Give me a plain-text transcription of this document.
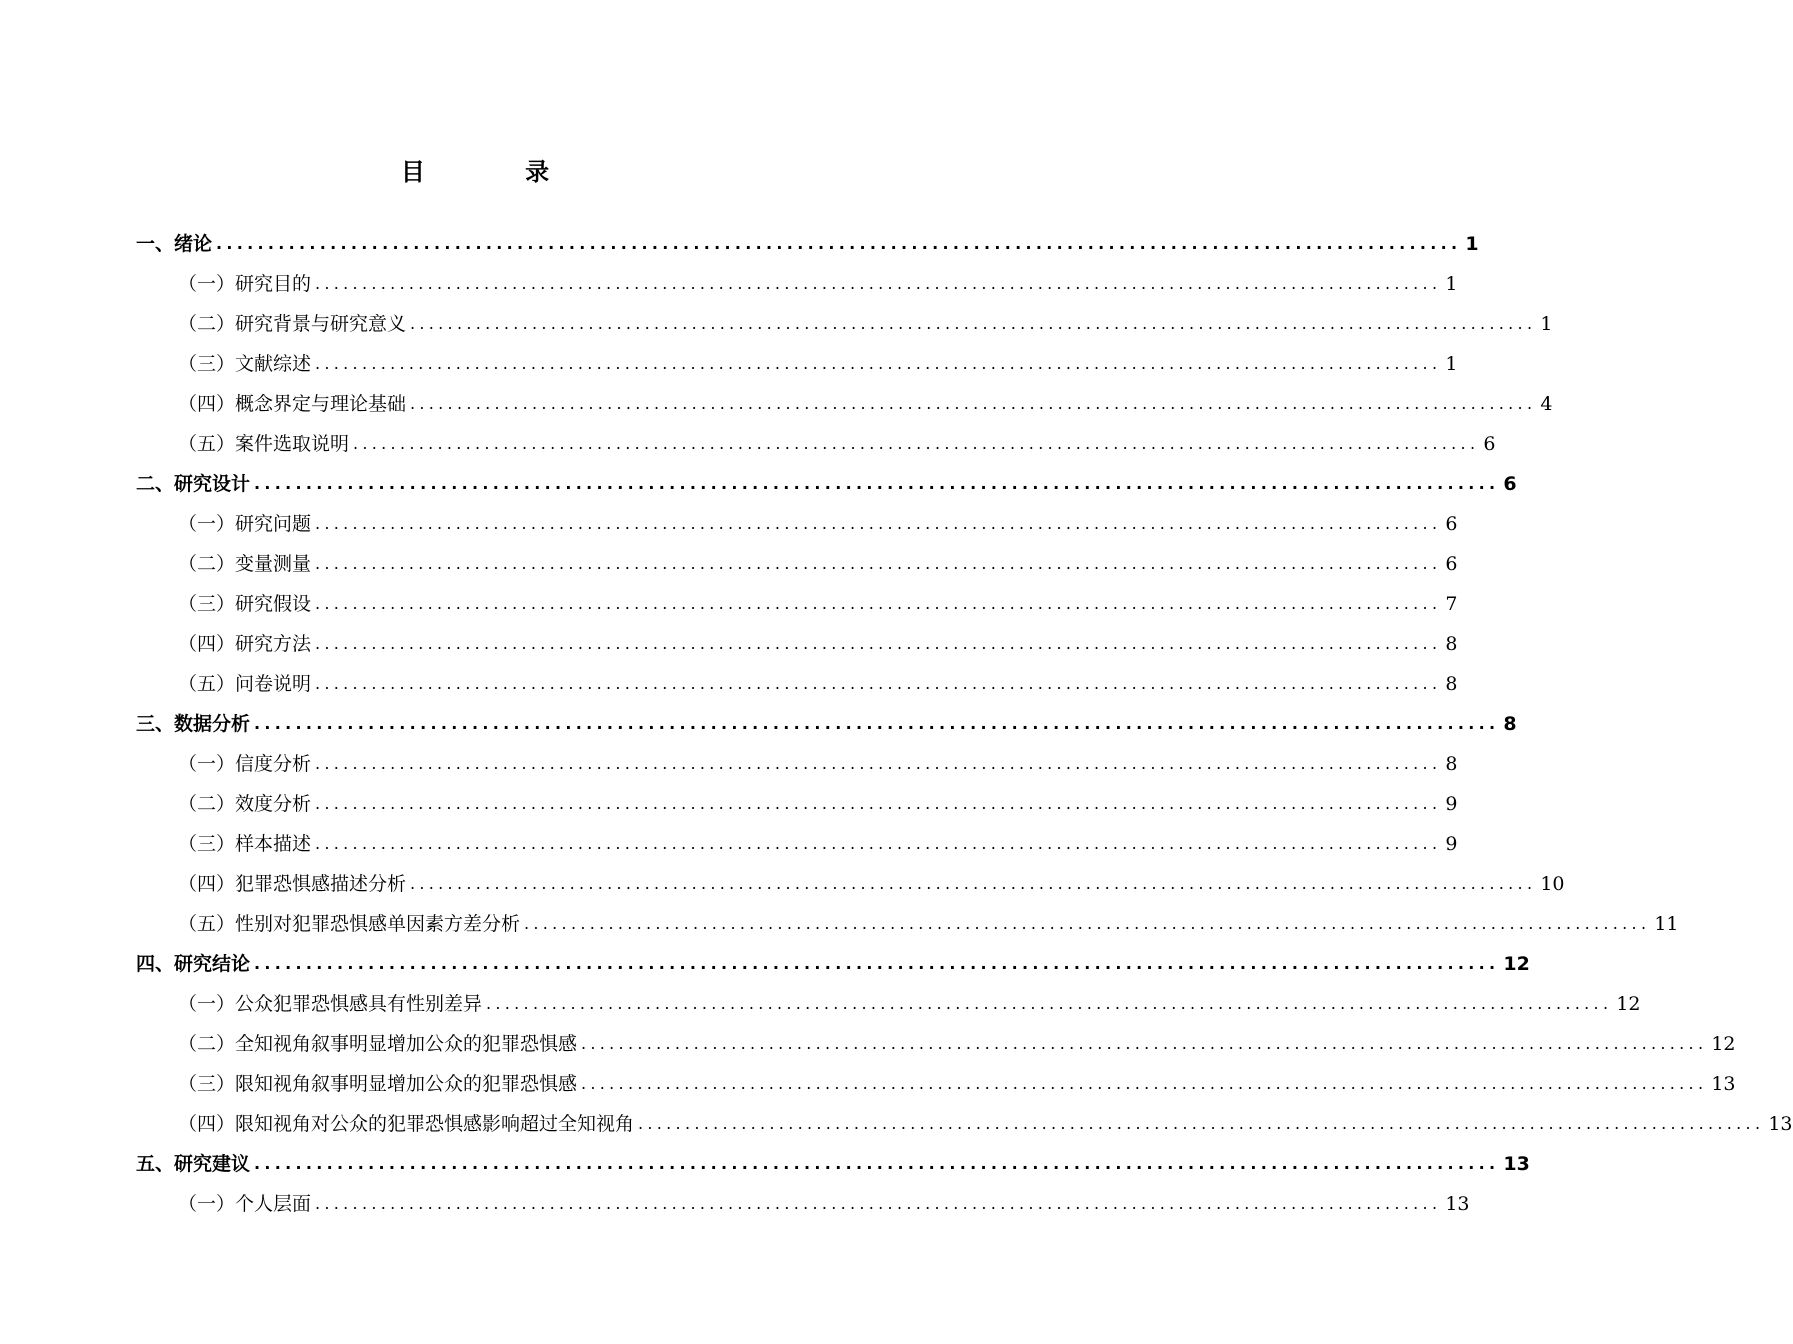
目 录
一、绪论 ........................................................................................................................ 1
（一）研究目的 ........................................................................................................................ 1
（二）研究背景与研究意义 ........................................................................................................................ 1
（三）文献综述 ........................................................................................................................ 1
（四）概念界定与理论基础 ........................................................................................................................ 4
（五）案件选取说明 ........................................................................................................................ 6
二、研究设计 ........................................................................................................................ 6
（一）研究问题 ........................................................................................................................ 6
（二）变量测量 ........................................................................................................................ 6
（三）研究假设 ........................................................................................................................ 7
（四）研究方法 ........................................................................................................................ 8
（五）问卷说明 ........................................................................................................................ 8
三、数据分析 ........................................................................................................................ 8
（一）信度分析 ........................................................................................................................ 8
（二）效度分析 ........................................................................................................................ 9
（三）样本描述 ........................................................................................................................ 9
（四）犯罪恐惧感描述分析 ........................................................................................................................ 10
（五）性别对犯罪恐惧感单因素方差分析 ........................................................................................................................ 11
四、研究结论 ........................................................................................................................ 12
（一）公众犯罪恐惧感具有性别差异 ........................................................................................................................ 12
（二）全知视角叙事明显增加公众的犯罪恐惧感 ........................................................................................................................ 12
（三）限知视角叙事明显增加公众的犯罪恐惧感 ........................................................................................................................ 13
（四）限知视角对公众的犯罪恐惧感影响超过全知视角 ........................................................................................................................ 13
五、研究建议 ........................................................................................................................ 13
（一）个人层面 ........................................................................................................................ 13
